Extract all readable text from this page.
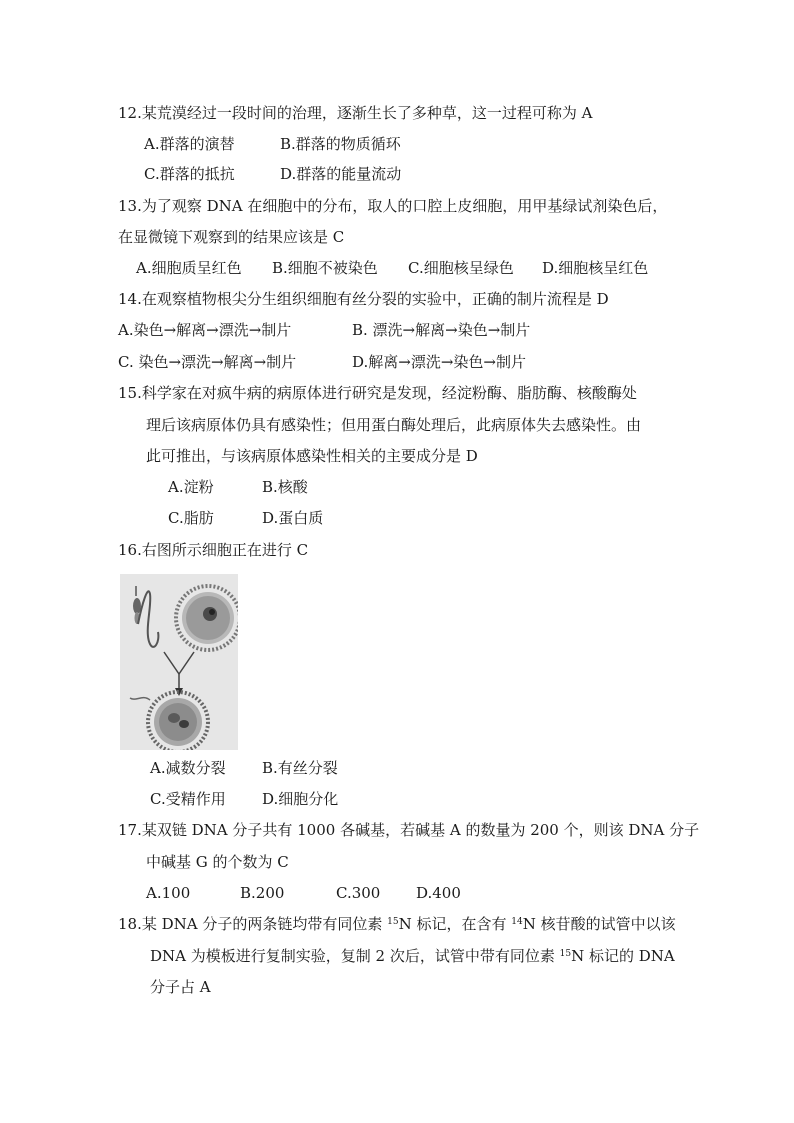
12.某荒漠经过一段时间的治理，逐渐生长了多种草，这一过程可称为 A
A.群落的演替	B.群落的物质循环
C.群落的抵抗	D.群落的能量流动
13.为了观察 DNA 在细胞中的分布，取人的口腔上皮细胞，用甲基绿试剂染色后，
在显微镜下观察到的结果应该是 C
A.细胞质呈红色 B.细胞不被染色 C.细胞核呈绿色 D.细胞核呈红色
14.在观察植物根尖分生组织细胞有丝分裂的实验中，正确的制片流程是 D
A.染色→解离→漂洗→制片	B. 漂洗→解离→染色→制片
C. 染色→漂洗→解离→制片	D.解离→漂洗→染色→制片
15.科学家在对疯牛病的病原体进行研究是发现，经淀粉酶、脂肪酶、核酸酶处
理后该病原体仍具有感染性；但用蛋白酶处理后，此病原体失去感染性。由
此可推出，与该病原体感染性相关的主要成分是 D
A.淀粉	B.核酸
C.脂肪	D.蛋白质
16.右图所示细胞正在进行 C
A.减数分裂 B.有丝分裂
C.受精作用 D.细胞分化
17.某双链 DNA 分子共有 1000 各碱基，若碱基 A 的数量为 200 个，则该 DNA 分子
中碱基 G 的个数为 C
A.100	B.200	C.300 D.400
18.某 DNA 分子的两条链均带有同位素 $^{15}$N 标记，在含有 $^{14}$N 核苷酸的试管中以该
DNA 为模板进行复制实验，复制 2 次后，试管中带有同位素 $^{15}$N 标记的 DNA
分子占 A
